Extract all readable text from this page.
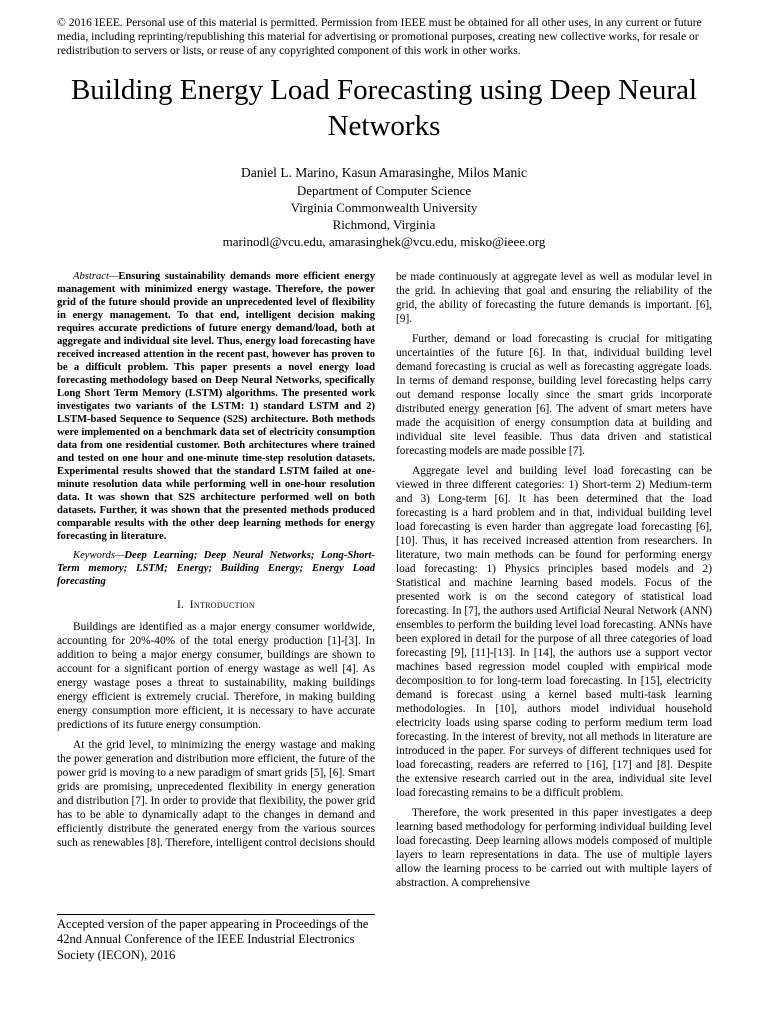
© 2016 IEEE. Personal use of this material is permitted. Permission from IEEE must be obtained for all other uses, in any current or future media, including reprinting/republishing this material for advertising or promotional purposes, creating new collective works, for resale or redistribution to servers or lists, or reuse of any copyrighted component of this work in other works.
Building Energy Load Forecasting using Deep Neural Networks
Daniel L. Marino, Kasun Amarasinghe, Milos Manic
Department of Computer Science
Virginia Commonwealth University
Richmond, Virginia
marinodl@vcu.edu, amarasinghek@vcu.edu, misko@ieee.org

Abstract—Ensuring sustainability demands more efficient energy management with minimized energy wastage. Therefore, the power grid of the future should provide an unprecedented level of flexibility in energy management. To that end, intelligent decision making requires accurate predictions of future energy demand/load, both at aggregate and individual site level. Thus, energy load forecasting have received increased attention in the recent past, however has proven to be a difficult problem. This paper presents a novel energy load forecasting methodology based on Deep Neural Networks, specifically Long Short Term Memory (LSTM) algorithms. The presented work investigates two variants of the LSTM: 1) standard LSTM and 2) LSTM-based Sequence to Sequence (S2S) architecture. Both methods were implemented on a benchmark data set of electricity consumption data from one residential customer. Both architectures where trained and tested on one hour and one-minute time-step resolution datasets. Experimental results showed that the standard LSTM failed at one-minute resolution data while performing well in one-hour resolution data. It was shown that S2S architecture performed well on both datasets. Further, it was shown that the presented methods produced comparable results with the other deep learning methods for energy forecasting in literature.

Keywords—Deep Learning; Deep Neural Networks; Long-Short-Term memory; LSTM; Energy; Building Energy; Energy Load forecasting

I. Introduction

Buildings are identified as a major energy consumer worldwide, accounting for 20%-40% of the total energy production [1]-[3]. In addition to being a major energy consumer, buildings are shown to account for a significant portion of energy wastage as well [4]. As energy wastage poses a threat to sustainability, making buildings energy efficient is extremely crucial. Therefore, in making building energy consumption more efficient, it is necessary to have accurate predictions of its future energy consumption.

At the grid level, to minimizing the energy wastage and making the power generation and distribution more efficient, the future of the power grid is moving to a new paradigm of smart grids [5], [6]. Smart grids are promising, unprecedented flexibility in energy generation and distribution [7]. In order to provide that flexibility, the power grid has to be able to dynamically adapt to the changes in demand and efficiently distribute the generated energy from the various sources such as renewables [8]. Therefore, intelligent control decisions should

be made continuously at aggregate level as well as modular level in the grid. In achieving that goal and ensuring the reliability of the grid, the ability of forecasting the future demands is important. [6], [9].

Further, demand or load forecasting is crucial for mitigating uncertainties of the future [6]. In that, individual building level demand forecasting is crucial as well as forecasting aggregate loads. In terms of demand response, building level forecasting helps carry out demand response locally since the smart grids incorporate distributed energy generation [6]. The advent of smart meters have made the acquisition of energy consumption data at building and individual site level feasible. Thus data driven and statistical forecasting models are made possible [7].

Aggregate level and building level load forecasting can be viewed in three different categories: 1) Short-term 2) Medium-term and 3) Long-term [6]. It has been determined that the load forecasting is a hard problem and in that, individual building level load forecasting is even harder than aggregate load forecasting [6], [10]. Thus, it has received increased attention from researchers. In literature, two main methods can be found for performing energy load forecasting: 1) Physics principles based models and 2) Statistical and machine learning based models. Focus of the presented work is on the second category of statistical load forecasting. In [7], the authors used Artificial Neural Network (ANN) ensembles to perform the building level load forecasting. ANNs have been explored in detail for the purpose of all three categories of load forecasting [9], [11]-[13]. In [14], the authors use a support vector machines based regression model coupled with empirical mode decomposition to for long-term load forecasting. In [15], electricity demand is forecast using a kernel based multi-task learning methodologies. In [10], authors model individual household electricity loads using sparse coding to perform medium term load forecasting. In the interest of brevity, not all methods in literature are introduced in the paper. For surveys of different techniques used for load forecasting, readers are referred to [16], [17] and [8]. Despite the extensive research carried out in the area, individual site level load forecasting remains to be a difficult problem.

Therefore, the work presented in this paper investigates a deep learning based methodology for performing individual building level load forecasting. Deep learning allows models composed of multiple layers to learn representations in data. The use of multiple layers allow the learning process to be carried out with multiple layers of abstraction. A comprehensive

Accepted version of the paper appearing in Proceedings of the 42nd Annual Conference of the IEEE Industrial Electronics Society (IECON), 2016
